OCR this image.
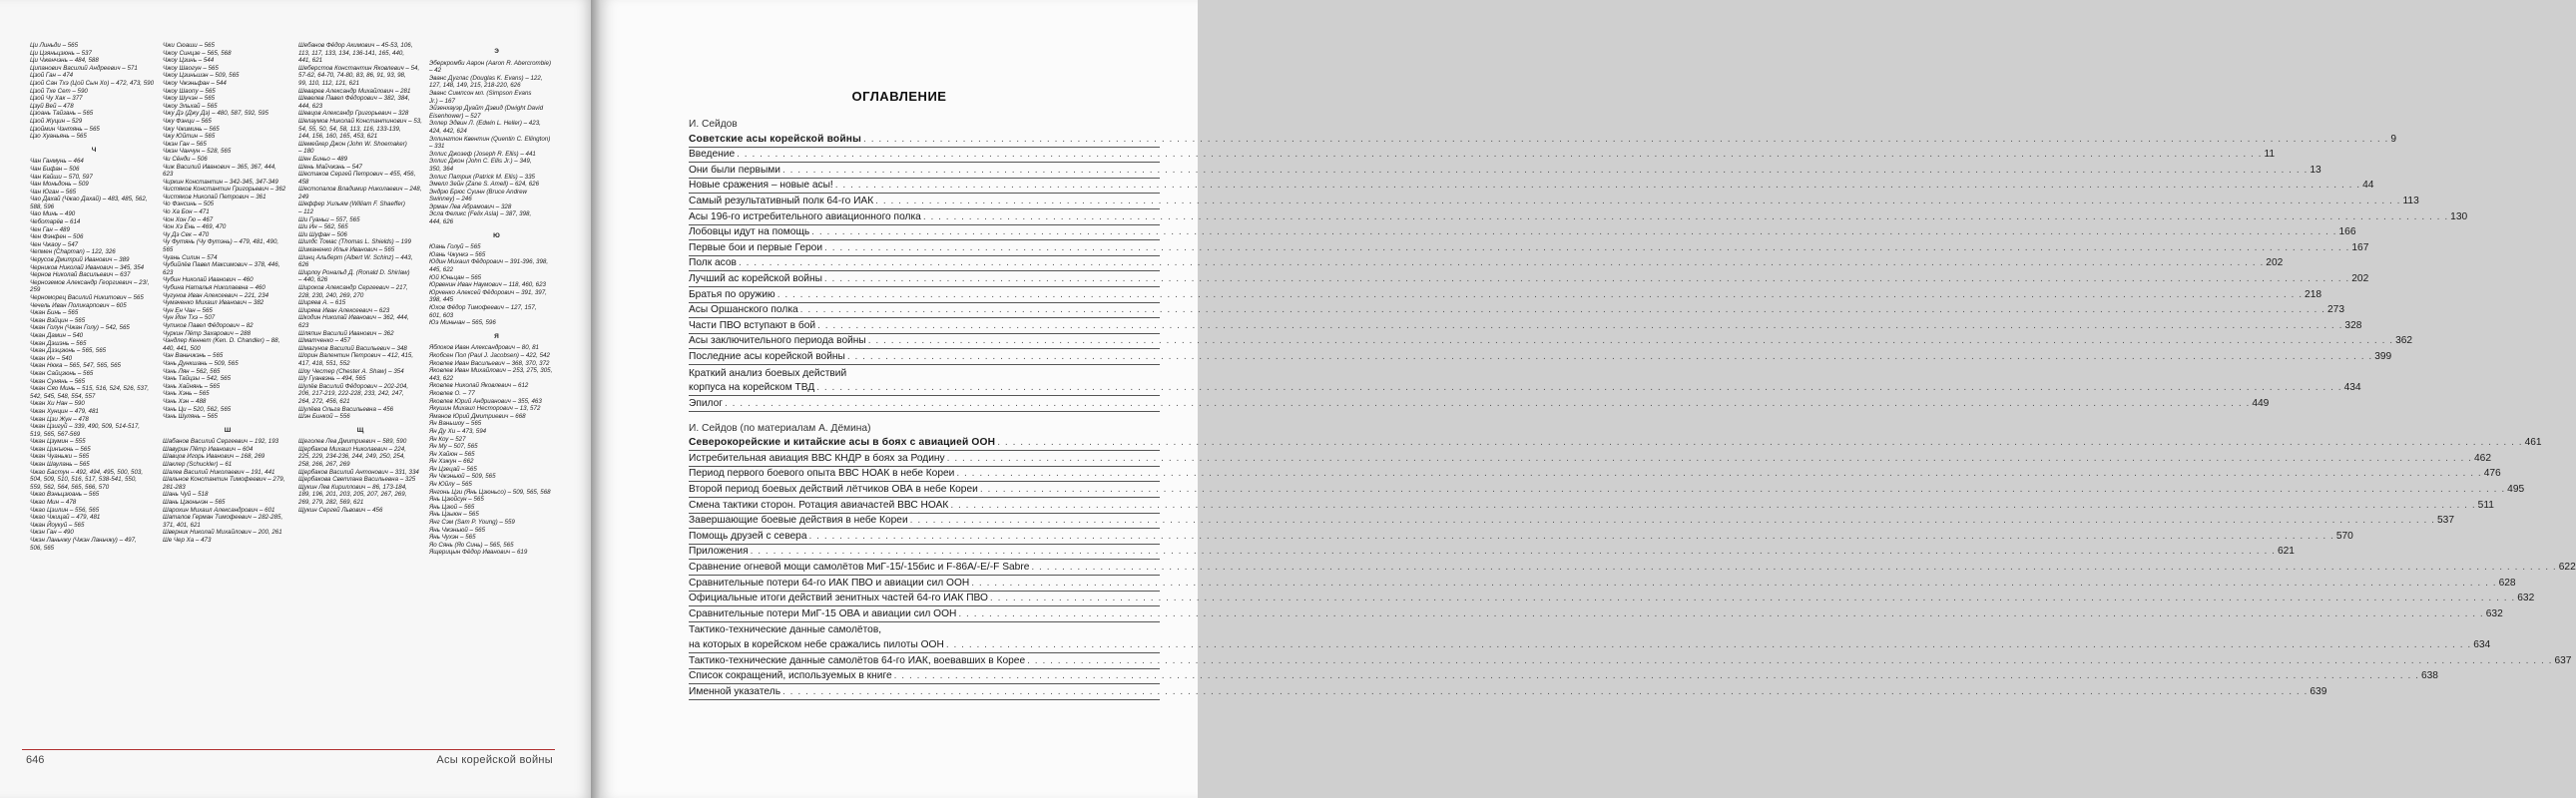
Ци Линьди – 565
Ци Цзяньцзюнь – 537
Ци Чженчэнь – 484, 588
Ципанович Василий Андреевич – 571
Цзой Ган – 474
Цзой Сан Тхэ (Цой Сын Хо) – 472, 473, 590
Цзой Тхе Сет – 590
Цзой Чу Хак – 377
Цзуй Вей – 478
Цзоань Тайзань – 565
Цзой Жуцин – 529
Цзоймин Чэнтянь – 565
Цзо Хуаньянь – 565
Ч
Чан Ганмунь – 464
Чан Бифан – 506
Чан Кайши – 570, 597
Чан Моньдонь – 509
Чан Юган – 565
Чао Дахай (Чжао Дахай) – 483, 485, 562,
588, 596
Чао Минь – 490
Чеботарёв – 614
Чен Ган – 489
Чен Фэнфен – 506
Чен Чжаоу – 547
Чепмен (Chapman) – 122, 326
Черусов Дмитрий Иванович – 389
Черников Николай Иванович – 345, 354
Чернов Николай Васильевич – 637
Черноземов Александр Георгиевич – 23!,
259
Черноморец Василий Никитович – 565
Чечель Иван Поликарпович – 605
Чжан Бинь – 565
Чжан Вэйцин – 565
Чжан Голун (Чжан Голу) – 542, 565
Чжан Дамин – 540
Чжан Дэшэнь – 565
Чжан Дзэцзюнь – 565, 565
Чжан Ин – 540
Чжан Нюка – 565, 547, 565, 565
Чжан Сайцзюнь – 565
Чжан Сунянь – 565
Чжан Сяо Минь – 515, 516, 524, 526, 537,
542, 545, 548, 554, 557
Чжан Хи Нан – 590
Чжан Хунцин – 479, 481
Чжан Цзи Жун – 478
Чжан Цзигуй – 339, 490, 509, 514-517,
519, 565, 567-569
Чжан Цзумин – 555
Чжан Цинъюнь – 565
Чжан Чуаньжи – 565
Чжан Шаулань – 565
Чжао Бастун – 492, 494, 495, 500, 503,
504, 509, 510, 516, 517, 538-541, 550,
559, 562, 564, 565, 566, 570
Чжао Вэньцзюань – 565
Чжао Мин – 478
Чжао Цзилин – 556, 565
Чжао Чжицай – 479, 481
Чжан Йоукуй – 565
Чжэн Ган – 490
Чжэн Ланьчжу (Чжэн Ланьчжу) – 497,
506, 565
Чжи Сюаши – 565
Чжоу Синцзе – 565, 568
Чжоу Цзинь – 544
Чжоу Шаогун – 565
Чжоу Цзиньшэн – 509, 565
Чжоу Чжэньфан – 544
Чжоу Шаопу – 565
Чжоу Шучэн – 565
Чжоу Эльхай – 565
Чжу Дэ (Джу Дэ) – 480, 587, 592, 595
Чжу Фэнци – 565
Чжу Чжиминь – 565
Чжу Юйтин – 565
Чжэн Ган – 565
Чжэн Чанчун – 528, 565
Чи Сёнди – 506
Чиж Василий Иванович – 365, 367, 444,
623
Чиркин Константин – 342-345, 347-349
Чистяков Константин Григорьевич – 362
Чистяков Николай Петрович – 361
Чо Фэнсинь – 505
Чо Ха Бон – 471
Чон Хон Гю – 467
Чон Хэ Ёнь – 469, 470
Чу Дэ Сек – 470
Чу Футянь (Чу Футэнь) – 479, 481, 490,
565
Чуань Силин – 574
Чубийлёв Павел Максимович – 378, 446,
623
Чубин Николай Иванович – 460
Чубина Наталья Николаевна – 460
Чугунов Иван Алексеевич – 221, 234
Чумаченко Михаил Иванович – 382
Чун Ен Чан – 565
Чун Йон Тхэ – 507
Чупиков Павел Фёдорович – 82
Чуркин Пётр Захарович – 288
Чэндлер Кеннет (Ken. D. Chandler) – 88,
440, 441, 500
Чэн Ваньчжэнь – 565
Чэнь Дункшань – 509, 565
Чэнь Лян – 562, 565
Чэнь Тайцзы – 542, 565
Чэнь Хайнянь – 565
Чэнь Хэнь – 565
Чэнь Хэн – 488
Чэнь Ци – 520, 562, 565
Чэнь Шулянь – 565
Ш
Шабанов Василий Сергеевич – 192, 193
Шавурин Пётр Иванович – 604
Шавцов Игорь Иванович – 168, 269
Шаклер (Schuckler) – 61
Шалев Василий Николаевич – 191, 441
Шальнов Константин Тимофеевич – 279,
281-283
Шань Чуй – 518
Шань Цзюньчэн – 565
Шарохин Михаил Александрович – 601
Шаталов Герман Тимофеевич – 282-285,
371, 401, 621
Шверник Николай Михайлович – 200, 261
Ше Чер Ха – 473
Шебанов Фёдор Акимович – 45-53, 106,
113, 117, 133, 134, 136-141, 165, 440,
441, 621
Шеберстов Константин Яковлевич – 54,
57-62, 64-70, 74-80, 83, 86, 91, 93, 98,
99, 110, 112, 121, 621
Шеварев Александр Михайлович – 281
Шевелев Павел Фёдорович – 382, 384,
444, 623
Шевцов Александр Григорьевич – 328
Шелаумов Николай Константинович – 53,
54, 55, 50, 54, 58, 113, 116, 133-139,
144, 156, 160, 165, 453, 621
Шемейкер Джон (John W. Shoemaker)
– 180
Шен Биньо – 489
Шень Майчжэнь – 547
Шестаков Сергей Петрович – 455, 456,
458
Шестопалов Владимир Николаевич – 248,
249
Шеффер Уильям (William F. Shaeffer)
– 112
Ши Гуаньи – 557, 565
Ши Ин – 562, 565
Ши Шуфан – 506
Шилдс Томас (Thomas L. Shields) – 199
Шиманенко Илья Иванович – 565
Шинц Альберт (Albert W. Schinz) – 443,
626
Ширлоу Рональд Д. (Ronald D. Shirlaw)
– 440, 626
Широков Александр Сергеевич – 217,
228, 230, 240, 269, 270
Ширяев А. – 615
Ширяев Иван Алексеевич – 623
Шкодин Николай Иванович – 362, 444,
623
Шляпин Василий Иванович – 362
Шматченко – 457
Шмагунов Василий Васильевич – 348
Шорин Валентин Петрович – 412, 415,
417, 418, 551, 552
Шоу Честер (Chester A. Shaw) – 354
Шу Гуанвэнь – 494, 565
Шулёв Василий Фёдорович – 202-204,
206, 217-219, 222-228, 233, 242, 247,
264, 272, 456, 621
Шулёва Ольга Васильевна – 456
Шэн Бинкой – 556
Щ
Щеголев Лев Дмитриевич – 589, 590
Щербаков Михаил Николаевич – 224,
225, 229, 234-236, 244, 249, 250, 254,
258, 266, 267, 269
Щербаков Василий Антонович – 331, 334
Щербакова Светлана Васильевна – 325
Щукин Лев Кириллович – 86, 173-184,
189, 196, 201, 203, 205, 207, 267, 269,
269, 279, 282, 569, 621
Щукин Сергей Львович – 456
Э
Эберкромби Аарон (Aaron R. Abercrombie)
– 42
Эванс Дуглас (Douglas K. Evans) – 122,
127, 148, 149, 215, 218-220, 626
Эванс Симпсон мл. (Simpson Evans
Jr.) – 167
Эйзенхауэр Дуайт Дэвид (Dwight David
Eisenhower) – 527
Эллер Эдвин Л. (Edwin L. Heller) – 423,
424, 442, 624
Эллингтон Квентин (Quentin C. Ellington)
– 331
Эллис Джозеф (Joseph R. Ellis) – 441
Эллис Джон (John C. Ellis Jr.) – 349,
350, 364
Эллис Патрик (Patrick M. Ellis) – 335
Эмелл Зейн (Zane S. Amell) – 624, 626
Эндрю Брюс Суинн (Bruce Andrew
Swinney) – 246
Эрман Лев Абрамович – 328
Эсла Феликс (Felix Asla) – 387, 398,
444, 626
Ю
Юань Голуй – 565
Юань Чжункэ – 565
Юдин Михаил Фёдорович – 391-396, 398,
445, 622
Юй Юньцан – 565
Юрвенин Иван Наумович – 118, 460, 623
Юрченко Алексей Фёдорович – 391, 397,
398, 445
Юхов Фёдор Тимофеевич – 127, 157,
601, 603
Юэ Миньчан – 565, 596
Я
Яблоков Иван Александрович – 80, 81
Якобсен Пол (Paul J. Jacobsen) – 422, 542
Яковлев Иван Васильевич – 368, 370, 372
Яковлев Иван Михайлович – 253, 275, 305,
443, 622
Яковлев Николай Яковлевич – 612
Яковлев О. – 77
Яковлев Юрий Андрианович – 355, 463
Якушин Михаил Несторович – 13, 572
Яманов Юрий Дмитриевич – 668
Ян Ваньшоу – 565
Ян Ду Хи – 473, 594
Ян Коу – 527
Ян Му – 507, 565
Ян Хайюн – 565
Ян Хэжун – 662
Ян Цзецай – 565
Ян Чжэньюй – 509, 565
Ян Юйлу – 565
Янгонь Цзи (Янь Цзюньсо) – 509, 565, 568
Янь Цзюйсун – 565
Янь Цзюй – 565
Янь Цзыюн – 565
Янг Сэм (Sam P. Young) – 559
Янь Чжэньюй – 565
Янь Чухэн – 565
Яо Сянь (Яо Синь) – 565, 565
Ящерицын Фёдор Иванович – 619
646	Асы корейской войны
ОГЛАВЛЕНИЕ
И. Сейдов
Советские асы корейской войны . . . . . . . . . . . . . . . . . . . . . . . . . . . . . . . . . . . . . . . . . . . . . . . . . . . . . . . . . . . . . . . . . . . . . . . . . . . . . . . . . . . . . . . . . . . . . . . . . . . . . . . . . . . . . . . . . . . . . . . . . . . . . . . . . . . . . . . . . . . . . . . . . . . . . . . . . . . . . . . . . . . . . . . . . . . . . . . . . . . . . . . . . . . . . . . . . . . . . . . . 9
Введение . . . . . . . . . . . . . . . . . . . . . . . . . . . . . . . . . . . . . . . . . . . . . . . . . . . . . . . . . . . . . . . . . . . . . . . . . . . . . . . . . . . . . . . . . . . . . . . . . . . . . . . . . . . . . . . . . . . . . . . . . . . . . . . . . . . . . . . . . . . . . . . . . . . . . . . . . . . . . . . . . . . . . . . . . . . . . . . . . . . . . . . . . . . . . . . . . . . . . . . . 11
Они были первыми . . . . . . . . . . . . . . . . . . . . . . . . . . . . . . . . . . . . . . . . . . . . . . . . . . . . . . . . . . . . . . . . . . . . . . . . . . . . . . . . . . . . . . . . . . . . . . . . . . . . . . . . . . . . . . . . . . . . . . . . . . . . . . . . . . . . . . . . . . . . . . . . . . . . . . . . . . . . . . . . . . . . . . . . . . . . . . . . . . . . . . . . . . . . . . . . . . . . . . . . 13
Новые сражения – новые асы! . . . . . . . . . . . . . . . . . . . . . . . . . . . . . . . . . . . . . . . . . . . . . . . . . . . . . . . . . . . . . . . . . . . . . . . . . . . . . . . . . . . . . . . . . . . . . . . . . . . . . . . . . . . . . . . . . . . . . . . . . . . . . . . . . . . . . . . . . . . . . . . . . . . . . . . . . . . . . . . . . . . . . . . . . . . . . . . . . . . . . . . . . . . . . . . . . . . . . . . . 44
Самый результативный полк 64-го ИАК . . . . . . . . . . . . . . . . . . . . . . . . . . . . . . . . . . . . . . . . . . . . . . . . . . . . . . . . . . . . . . . . . . . . . . . . . . . . . . . . . . . . . . . . . . . . . . . . . . . . . . . . . . . . . . . . . . . . . . . . . . . . . . . . . . . . . . . . . . . . . . . . . . . . . . . . . . . . . . . . . . . . . . . . . . . . . . . . . . . . . . . . . . . . . . . . . . . . . . . . 113
Асы 196-го истребительного авиационного полка . . . . . . . . . . . . . . . . . . . . . . . . . . . . . . . . . . . . . . . . . . . . . . . . . . . . . . . . . . . . . . . . . . . . . . . . . . . . . . . . . . . . . . . . . . . . . . . . . . . . . . . . . . . . . . . . . . . . . . . . . . . . . . . . . . . . . . . . . . . . . . . . . . . . . . . . . . . . . . . . . . . . . . . . . . . . . . . . . . . . . . . . . . . . . . . . . . . . . . . . 130
Лобовцы идут на помощь . . . . . . . . . . . . . . . . . . . . . . . . . . . . . . . . . . . . . . . . . . . . . . . . . . . . . . . . . . . . . . . . . . . . . . . . . . . . . . . . . . . . . . . . . . . . . . . . . . . . . . . . . . . . . . . . . . . . . . . . . . . . . . . . . . . . . . . . . . . . . . . . . . . . . . . . . . . . . . . . . . . . . . . . . . . . . . . . . . . . . . . . . . . . . . . . . . . . . . . . 166
Первые бои и первые Герои . . . . . . . . . . . . . . . . . . . . . . . . . . . . . . . . . . . . . . . . . . . . . . . . . . . . . . . . . . . . . . . . . . . . . . . . . . . . . . . . . . . . . . . . . . . . . . . . . . . . . . . . . . . . . . . . . . . . . . . . . . . . . . . . . . . . . . . . . . . . . . . . . . . . . . . . . . . . . . . . . . . . . . . . . . . . . . . . . . . . . . . . . . . . . . . . . . . . . . . . 167
Полк асов . . . . . . . . . . . . . . . . . . . . . . . . . . . . . . . . . . . . . . . . . . . . . . . . . . . . . . . . . . . . . . . . . . . . . . . . . . . . . . . . . . . . . . . . . . . . . . . . . . . . . . . . . . . . . . . . . . . . . . . . . . . . . . . . . . . . . . . . . . . . . . . . . . . . . . . . . . . . . . . . . . . . . . . . . . . . . . . . . . . . . . . . . . . . . . . . . . . . . . . . 202
Лучший ас корейской войны . . . . . . . . . . . . . . . . . . . . . . . . . . . . . . . . . . . . . . . . . . . . . . . . . . . . . . . . . . . . . . . . . . . . . . . . . . . . . . . . . . . . . . . . . . . . . . . . . . . . . . . . . . . . . . . . . . . . . . . . . . . . . . . . . . . . . . . . . . . . . . . . . . . . . . . . . . . . . . . . . . . . . . . . . . . . . . . . . . . . . . . . . . . . . . . . . . . . . . . . 202
Братья по оружию . . . . . . . . . . . . . . . . . . . . . . . . . . . . . . . . . . . . . . . . . . . . . . . . . . . . . . . . . . . . . . . . . . . . . . . . . . . . . . . . . . . . . . . . . . . . . . . . . . . . . . . . . . . . . . . . . . . . . . . . . . . . . . . . . . . . . . . . . . . . . . . . . . . . . . . . . . . . . . . . . . . . . . . . . . . . . . . . . . . . . . . . . . . . . . . . . . . . . . . . 218
Асы Оршанского полка . . . . . . . . . . . . . . . . . . . . . . . . . . . . . . . . . . . . . . . . . . . . . . . . . . . . . . . . . . . . . . . . . . . . . . . . . . . . . . . . . . . . . . . . . . . . . . . . . . . . . . . . . . . . . . . . . . . . . . . . . . . . . . . . . . . . . . . . . . . . . . . . . . . . . . . . . . . . . . . . . . . . . . . . . . . . . . . . . . . . . . . . . . . . . . . . . . . . . . . . 273
Части ПВО вступают в бой . . . . . . . . . . . . . . . . . . . . . . . . . . . . . . . . . . . . . . . . . . . . . . . . . . . . . . . . . . . . . . . . . . . . . . . . . . . . . . . . . . . . . . . . . . . . . . . . . . . . . . . . . . . . . . . . . . . . . . . . . . . . . . . . . . . . . . . . . . . . . . . . . . . . . . . . . . . . . . . . . . . . . . . . . . . . . . . . . . . . . . . . . . . . . . . . . . . . . . . . 328
Асы заключительного периода войны . . . . . . . . . . . . . . . . . . . . . . . . . . . . . . . . . . . . . . . . . . . . . . . . . . . . . . . . . . . . . . . . . . . . . . . . . . . . . . . . . . . . . . . . . . . . . . . . . . . . . . . . . . . . . . . . . . . . . . . . . . . . . . . . . . . . . . . . . . . . . . . . . . . . . . . . . . . . . . . . . . . . . . . . . . . . . . . . . . . . . . . . . . . . . . . . . . . . . . . . 362
Последние асы корейской войны . . . . . . . . . . . . . . . . . . . . . . . . . . . . . . . . . . . . . . . . . . . . . . . . . . . . . . . . . . . . . . . . . . . . . . . . . . . . . . . . . . . . . . . . . . . . . . . . . . . . . . . . . . . . . . . . . . . . . . . . . . . . . . . . . . . . . . . . . . . . . . . . . . . . . . . . . . . . . . . . . . . . . . . . . . . . . . . . . . . . . . . . . . . . . . . . . . . . . . . . 399
Краткий анализ боевых действий
корпуса на корейском ТВД . . . . . . . . . . . . . . . . . . . . . . . . . . . . . . . . . . . . . . . . . . . . . . . . . . . . . . . . . . . . . . . . . . . . . . . . . . . . . . . . . . . . . . . . . . . . . . . . . . . . . . . . . . . . . . . . . . . . . . . . . . . . . . . . . . . . . . . . . . . . . . . . . . . . . . . . . . . . . . . . . . . . . . . . . . . . . . . . . . . . . . . . . . . . . . . . . . . . . . . . 434
Эпилог . . . . . . . . . . . . . . . . . . . . . . . . . . . . . . . . . . . . . . . . . . . . . . . . . . . . . . . . . . . . . . . . . . . . . . . . . . . . . . . . . . . . . . . . . . . . . . . . . . . . . . . . . . . . . . . . . . . . . . . . . . . . . . . . . . . . . . . . . . . . . . . . . . . . . . . . . . . . . . . . . . . . . . . . . . . . . . . . . . . . . . . . . . . . . . . . . . . . . . . . 449
И. Сейдов (по материалам А. Дёмина)
Северокорейские и китайские асы в боях с авиацией ООН . . . . . . . . . . . . . . . . . . . . . . . . . . . . . . . . . . . . . . . . . . . . . . . . . . . . . . . . . . . . . . . . . . . . . . . . . . . . . . . . . . . . . . . . . . . . . . . . . . . . . . . . . . . . . . . . . . . . . . . . . . . . . . . . . . . . . . . . . . . . . . . . . . . . . . . . . . . . . . . . . . . . . . . . . . . . . . . . . . . . . . . . . . . . . . . . . . . . . . . . 461
Истребительная авиация ВВС КНДР в боях за Родину . . . . . . . . . . . . . . . . . . . . . . . . . . . . . . . . . . . . . . . . . . . . . . . . . . . . . . . . . . . . . . . . . . . . . . . . . . . . . . . . . . . . . . . . . . . . . . . . . . . . . . . . . . . . . . . . . . . . . . . . . . . . . . . . . . . . . . . . . . . . . . . . . . . . . . . . . . . . . . . . . . . . . . . . . . . . . . . . . . . . . . . . . . . . . . . . . . . . . . . . 462
Период первого боевого опыта ВВС НОАК в небе Кореи . . . . . . . . . . . . . . . . . . . . . . . . . . . . . . . . . . . . . . . . . . . . . . . . . . . . . . . . . . . . . . . . . . . . . . . . . . . . . . . . . . . . . . . . . . . . . . . . . . . . . . . . . . . . . . . . . . . . . . . . . . . . . . . . . . . . . . . . . . . . . . . . . . . . . . . . . . . . . . . . . . . . . . . . . . . . . . . . . . . . . . . . . . . . . . . . . . . . . . . . 476
Второй период боевых действий лётчиков ОВА в небе Кореи . . . . . . . . . . . . . . . . . . . . . . . . . . . . . . . . . . . . . . . . . . . . . . . . . . . . . . . . . . . . . . . . . . . . . . . . . . . . . . . . . . . . . . . . . . . . . . . . . . . . . . . . . . . . . . . . . . . . . . . . . . . . . . . . . . . . . . . . . . . . . . . . . . . . . . . . . . . . . . . . . . . . . . . . . . . . . . . . . . . . . . . . . . . . . . . . . . . . . . . . 495
Смена тактики сторон. Ротация авиачастей ВВС НОАК . . . . . . . . . . . . . . . . . . . . . . . . . . . . . . . . . . . . . . . . . . . . . . . . . . . . . . . . . . . . . . . . . . . . . . . . . . . . . . . . . . . . . . . . . . . . . . . . . . . . . . . . . . . . . . . . . . . . . . . . . . . . . . . . . . . . . . . . . . . . . . . . . . . . . . . . . . . . . . . . . . . . . . . . . . . . . . . . . . . . . . . . . . . . . . . . . . . . . . . . 511
Завершающие боевые действия в небе Кореи . . . . . . . . . . . . . . . . . . . . . . . . . . . . . . . . . . . . . . . . . . . . . . . . . . . . . . . . . . . . . . . . . . . . . . . . . . . . . . . . . . . . . . . . . . . . . . . . . . . . . . . . . . . . . . . . . . . . . . . . . . . . . . . . . . . . . . . . . . . . . . . . . . . . . . . . . . . . . . . . . . . . . . . . . . . . . . . . . . . . . . . . . . . . . . . . . . . . . . . . 537
Помощь друзей с севера . . . . . . . . . . . . . . . . . . . . . . . . . . . . . . . . . . . . . . . . . . . . . . . . . . . . . . . . . . . . . . . . . . . . . . . . . . . . . . . . . . . . . . . . . . . . . . . . . . . . . . . . . . . . . . . . . . . . . . . . . . . . . . . . . . . . . . . . . . . . . . . . . . . . . . . . . . . . . . . . . . . . . . . . . . . . . . . . . . . . . . . . . . . . . . . . . . . . . . . . 570
Приложения . . . . . . . . . . . . . . . . . . . . . . . . . . . . . . . . . . . . . . . . . . . . . . . . . . . . . . . . . . . . . . . . . . . . . . . . . . . . . . . . . . . . . . . . . . . . . . . . . . . . . . . . . . . . . . . . . . . . . . . . . . . . . . . . . . . . . . . . . . . . . . . . . . . . . . . . . . . . . . . . . . . . . . . . . . . . . . . . . . . . . . . . . . . . . . . . . . . . . . . . 621
Сравнение огневой мощи самолётов МиГ-15/-15бис и F-86А/-Е/-F Sabre . . . . . . . . . . . . . . . . . . . . . . . . . . . . . . . . . . . . . . . . . . . . . . . . . . . . . . . . . . . . . . . . . . . . . . . . . . . . . . . . . . . . . . . . . . . . . . . . . . . . . . . . . . . . . . . . . . . . . . . . . . . . . . . . . . . . . . . . . . . . . . . . . . . . . . . . . . . . . . . . . . . . . . . . . . . . . . . . . . . . . . . . . . . . . . . . . . . . . . . . 622
Сравнительные потери 64-го ИАК ПВО и авиации сил ООН . . . . . . . . . . . . . . . . . . . . . . . . . . . . . . . . . . . . . . . . . . . . . . . . . . . . . . . . . . . . . . . . . . . . . . . . . . . . . . . . . . . . . . . . . . . . . . . . . . . . . . . . . . . . . . . . . . . . . . . . . . . . . . . . . . . . . . . . . . . . . . . . . . . . . . . . . . . . . . . . . . . . . . . . . . . . . . . . . . . . . . . . . . . . . . . . . . . . . . . . 628
Официальные итоги действий зенитных частей 64-го ИАК ПВО . . . . . . . . . . . . . . . . . . . . . . . . . . . . . . . . . . . . . . . . . . . . . . . . . . . . . . . . . . . . . . . . . . . . . . . . . . . . . . . . . . . . . . . . . . . . . . . . . . . . . . . . . . . . . . . . . . . . . . . . . . . . . . . . . . . . . . . . . . . . . . . . . . . . . . . . . . . . . . . . . . . . . . . . . . . . . . . . . . . . . . . . . . . . . . . . . . . . . . . . 632
Сравнительные потери МиГ-15 ОВА и авиации сил ООН . . . . . . . . . . . . . . . . . . . . . . . . . . . . . . . . . . . . . . . . . . . . . . . . . . . . . . . . . . . . . . . . . . . . . . . . . . . . . . . . . . . . . . . . . . . . . . . . . . . . . . . . . . . . . . . . . . . . . . . . . . . . . . . . . . . . . . . . . . . . . . . . . . . . . . . . . . . . . . . . . . . . . . . . . . . . . . . . . . . . . . . . . . . . . . . . . . . . . . . . 632
Тактико-технические данные самолётов,
на которых в корейском небе сражались пилоты ООН . . . . . . . . . . . . . . . . . . . . . . . . . . . . . . . . . . . . . . . . . . . . . . . . . . . . . . . . . . . . . . . . . . . . . . . . . . . . . . . . . . . . . . . . . . . . . . . . . . . . . . . . . . . . . . . . . . . . . . . . . . . . . . . . . . . . . . . . . . . . . . . . . . . . . . . . . . . . . . . . . . . . . . . . . . . . . . . . . . . . . . . . . . . . . . . . . . . . . . . . 634
Тактико-технические данные самолётов 64-го ИАК, воевавших в Корее . . . . . . . . . . . . . . . . . . . . . . . . . . . . . . . . . . . . . . . . . . . . . . . . . . . . . . . . . . . . . . . . . . . . . . . . . . . . . . . . . . . . . . . . . . . . . . . . . . . . . . . . . . . . . . . . . . . . . . . . . . . . . . . . . . . . . . . . . . . . . . . . . . . . . . . . . . . . . . . . . . . . . . . . . . . . . . . . . . . . . . . . . . . . . . . . . . . . . . . . 637
Список сокращений, используемых в книге . . . . . . . . . . . . . . . . . . . . . . . . . . . . . . . . . . . . . . . . . . . . . . . . . . . . . . . . . . . . . . . . . . . . . . . . . . . . . . . . . . . . . . . . . . . . . . . . . . . . . . . . . . . . . . . . . . . . . . . . . . . . . . . . . . . . . . . . . . . . . . . . . . . . . . . . . . . . . . . . . . . . . . . . . . . . . . . . . . . . . . . . . . . . . . . . . . . . . . . . 638
Именной указатель . . . . . . . . . . . . . . . . . . . . . . . . . . . . . . . . . . . . . . . . . . . . . . . . . . . . . . . . . . . . . . . . . . . . . . . . . . . . . . . . . . . . . . . . . . . . . . . . . . . . . . . . . . . . . . . . . . . . . . . . . . . . . . . . . . . . . . . . . . . . . . . . . . . . . . . . . . . . . . . . . . . . . . . . . . . . . . . . . . . . . . . . . . . . . . . . . . . . . . . . 639
